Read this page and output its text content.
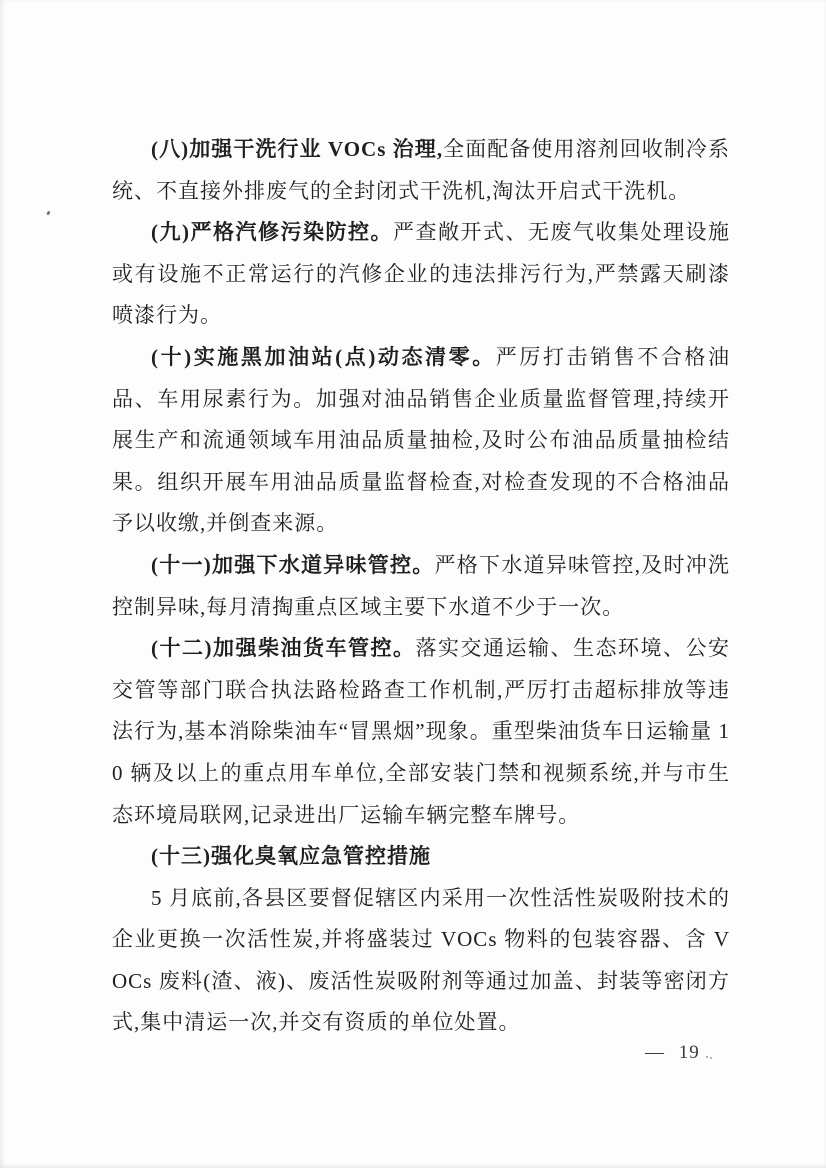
(八)加强干洗行业 VOCs 治理,全面配备使用溶剂回收制冷系统、不直接外排废气的全封闭式干洗机,淘汰开启式干洗机。

(九)严格汽修污染防控。严查敞开式、无废气收集处理设施或有设施不正常运行的汽修企业的违法排污行为,严禁露天刷漆喷漆行为。

(十)实施黑加油站(点)动态清零。严厉打击销售不合格油品、车用尿素行为。加强对油品销售企业质量监督管理,持续开展生产和流通领域车用油品质量抽检,及时公布油品质量抽检结果。组织开展车用油品质量监督检查,对检查发现的不合格油品予以收缴,并倒查来源。

(十一)加强下水道异味管控。严格下水道异味管控,及时冲洗控制异味,每月清掏重点区域主要下水道不少于一次。

(十二)加强柴油货车管控。落实交通运输、生态环境、公安交管等部门联合执法路检路查工作机制,严厉打击超标排放等违法行为,基本消除柴油车“冒黑烟”现象。重型柴油货车日运输量 10 辆及以上的重点用车单位,全部安装门禁和视频系统,并与市生态环境局联网,记录进出厂运输车辆完整车牌号。

(十三)强化臭氧应急管控措施

5 月底前,各县区要督促辖区内采用一次性活性炭吸附技术的企业更换一次活性炭,并将盛装过 VOCs 物料的包装容器、含 VOCs 废料(渣、液)、废活性炭吸附剂等通过加盖、封装等密闭方式,集中清运一次,并交有资质的单位处置。

— 19
